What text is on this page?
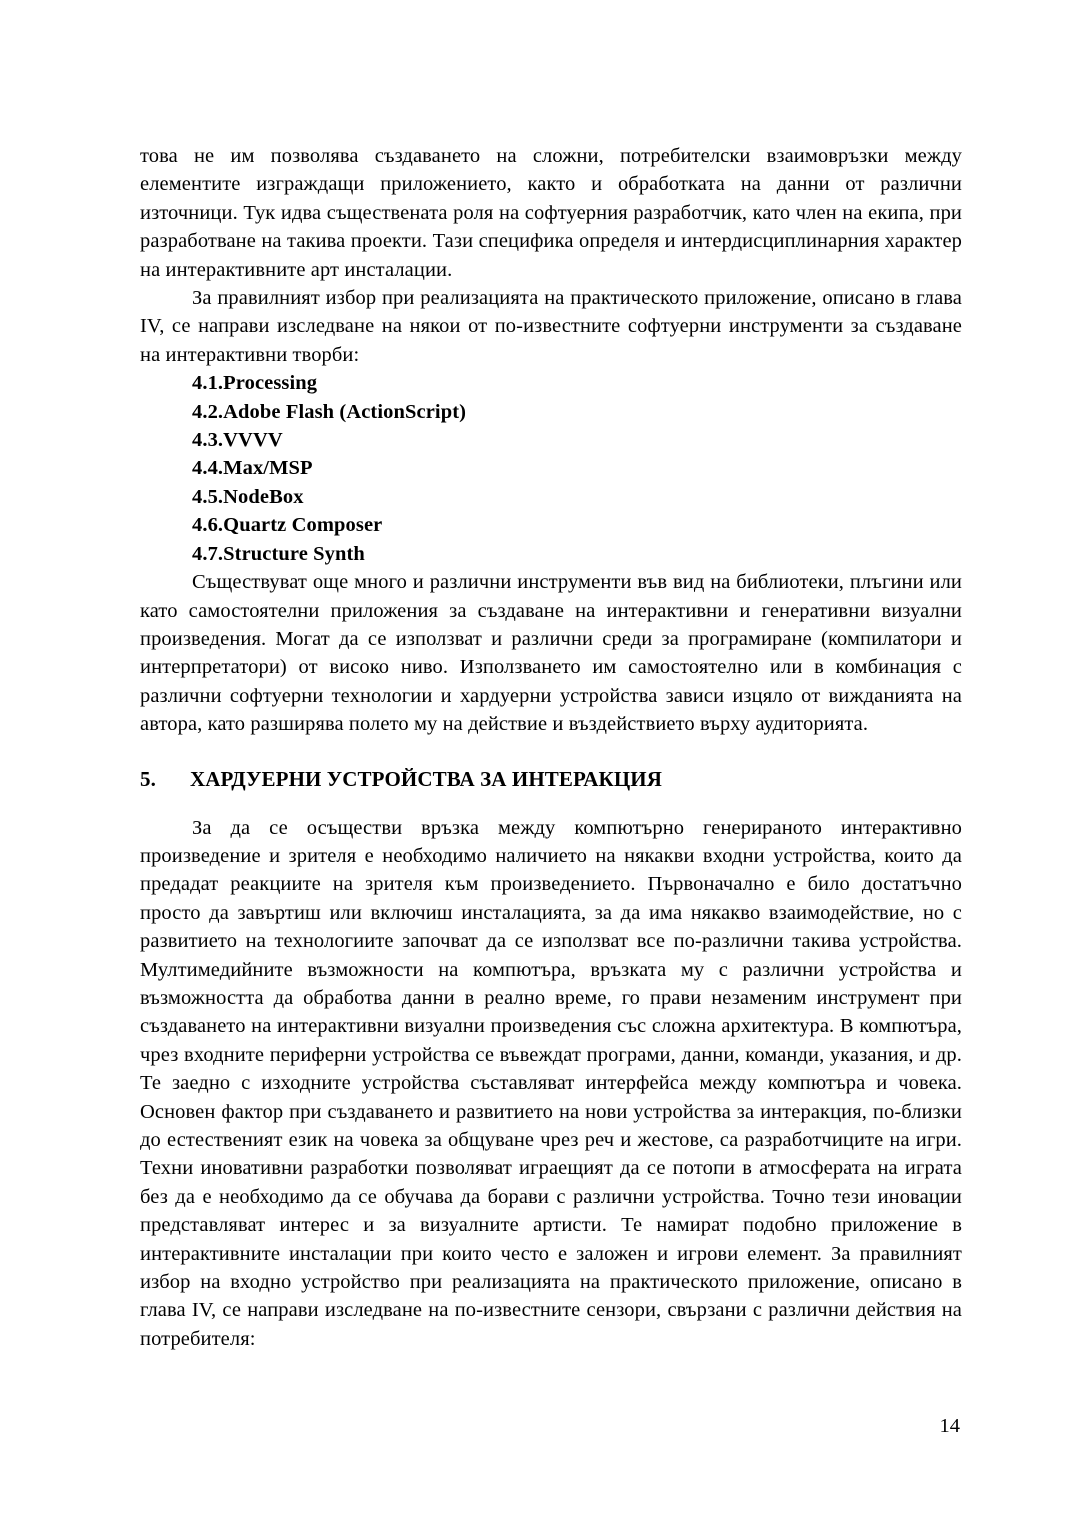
това не им позволява създаването на сложни, потребителски взаимовръзки между елементите изграждащи приложението, както и обработката на данни от различни източници. Тук идва съществената роля на софтуерния разработчик, като член на екипа, при разработване на такива проекти. Тази специфика определя и интердисциплинарния характер на интерактивните арт инсталации.

За правилният избор при реализацията на практическото приложение, описано в глава IV, се направи изследване на някои от по-известните софтуерни инструменти за създаване на интерактивни творби:

4.1.Processing
4.2.Adobe Flash (ActionScript)
4.3.VVVV
4.4.Max/MSP
4.5.NodeBox
4.6.Quartz Composer
4.7.Structure Synth

Съществуват още много и различни инструменти във вид на библиотеки, плъгини или като самостоятелни приложения за създаване на интерактивни и генеративни визуални произведения. Могат да се използват и различни среди за програмиране (компилатори и интерпретатори) от високо ниво. Използването им самостоятелно или в комбинация с различни софтуерни технологии и хардуерни устройства зависи изцяло от вижданията на автора, като разширява полето му на действие и въздействието върху аудиторията.

5. ХАРДУЕРНИ УСТРОЙСТВА ЗА ИНТЕРАКЦИЯ

За да се осъществи връзка между компютърно генерираното интерактивно произведение и зрителя е необходимо наличието на някакви входни устройства, които да предадат реакциите на зрителя към произведението. Първоначално е било достатъчно просто да завъртиш или включиш инсталацията, за да има някакво взаимодействие, но с развитието на технологиите започват да се използват все по-различни такива устройства. Мултимедийните възможности на компютъра, връзката му с различни устройства и възможността да обработва данни в реално време, го прави незаменим инструмент при създаването на интерактивни визуални произведения със сложна архитектура. В компютъра, чрез входните периферни устройства се въвеждат програми, данни, команди, указания, и др. Те заедно с изходните устройства съставляват интерфейса между компютъра и човека. Основен фактор при създаването и развитието на нови устройства за интеракция, по-близки до естественият език на човека за общуване чрез реч и жестове, са разработчиците на игри. Техни иновативни разработки позволяват играещият да се потопи в атмосферата на играта без да е необходимо да се обучава да борави с различни устройства. Точно тези иновации представляват интерес и за визуалните артисти. Те намират подобно приложение в интерактивните инсталации при които често е заложен и игрови елемент. За правилният избор на входно устройство при реализацията на практическото приложение, описано в глава IV, се направи изследване на по-известните сензори, свързани с различни действия на потребителя:

14
